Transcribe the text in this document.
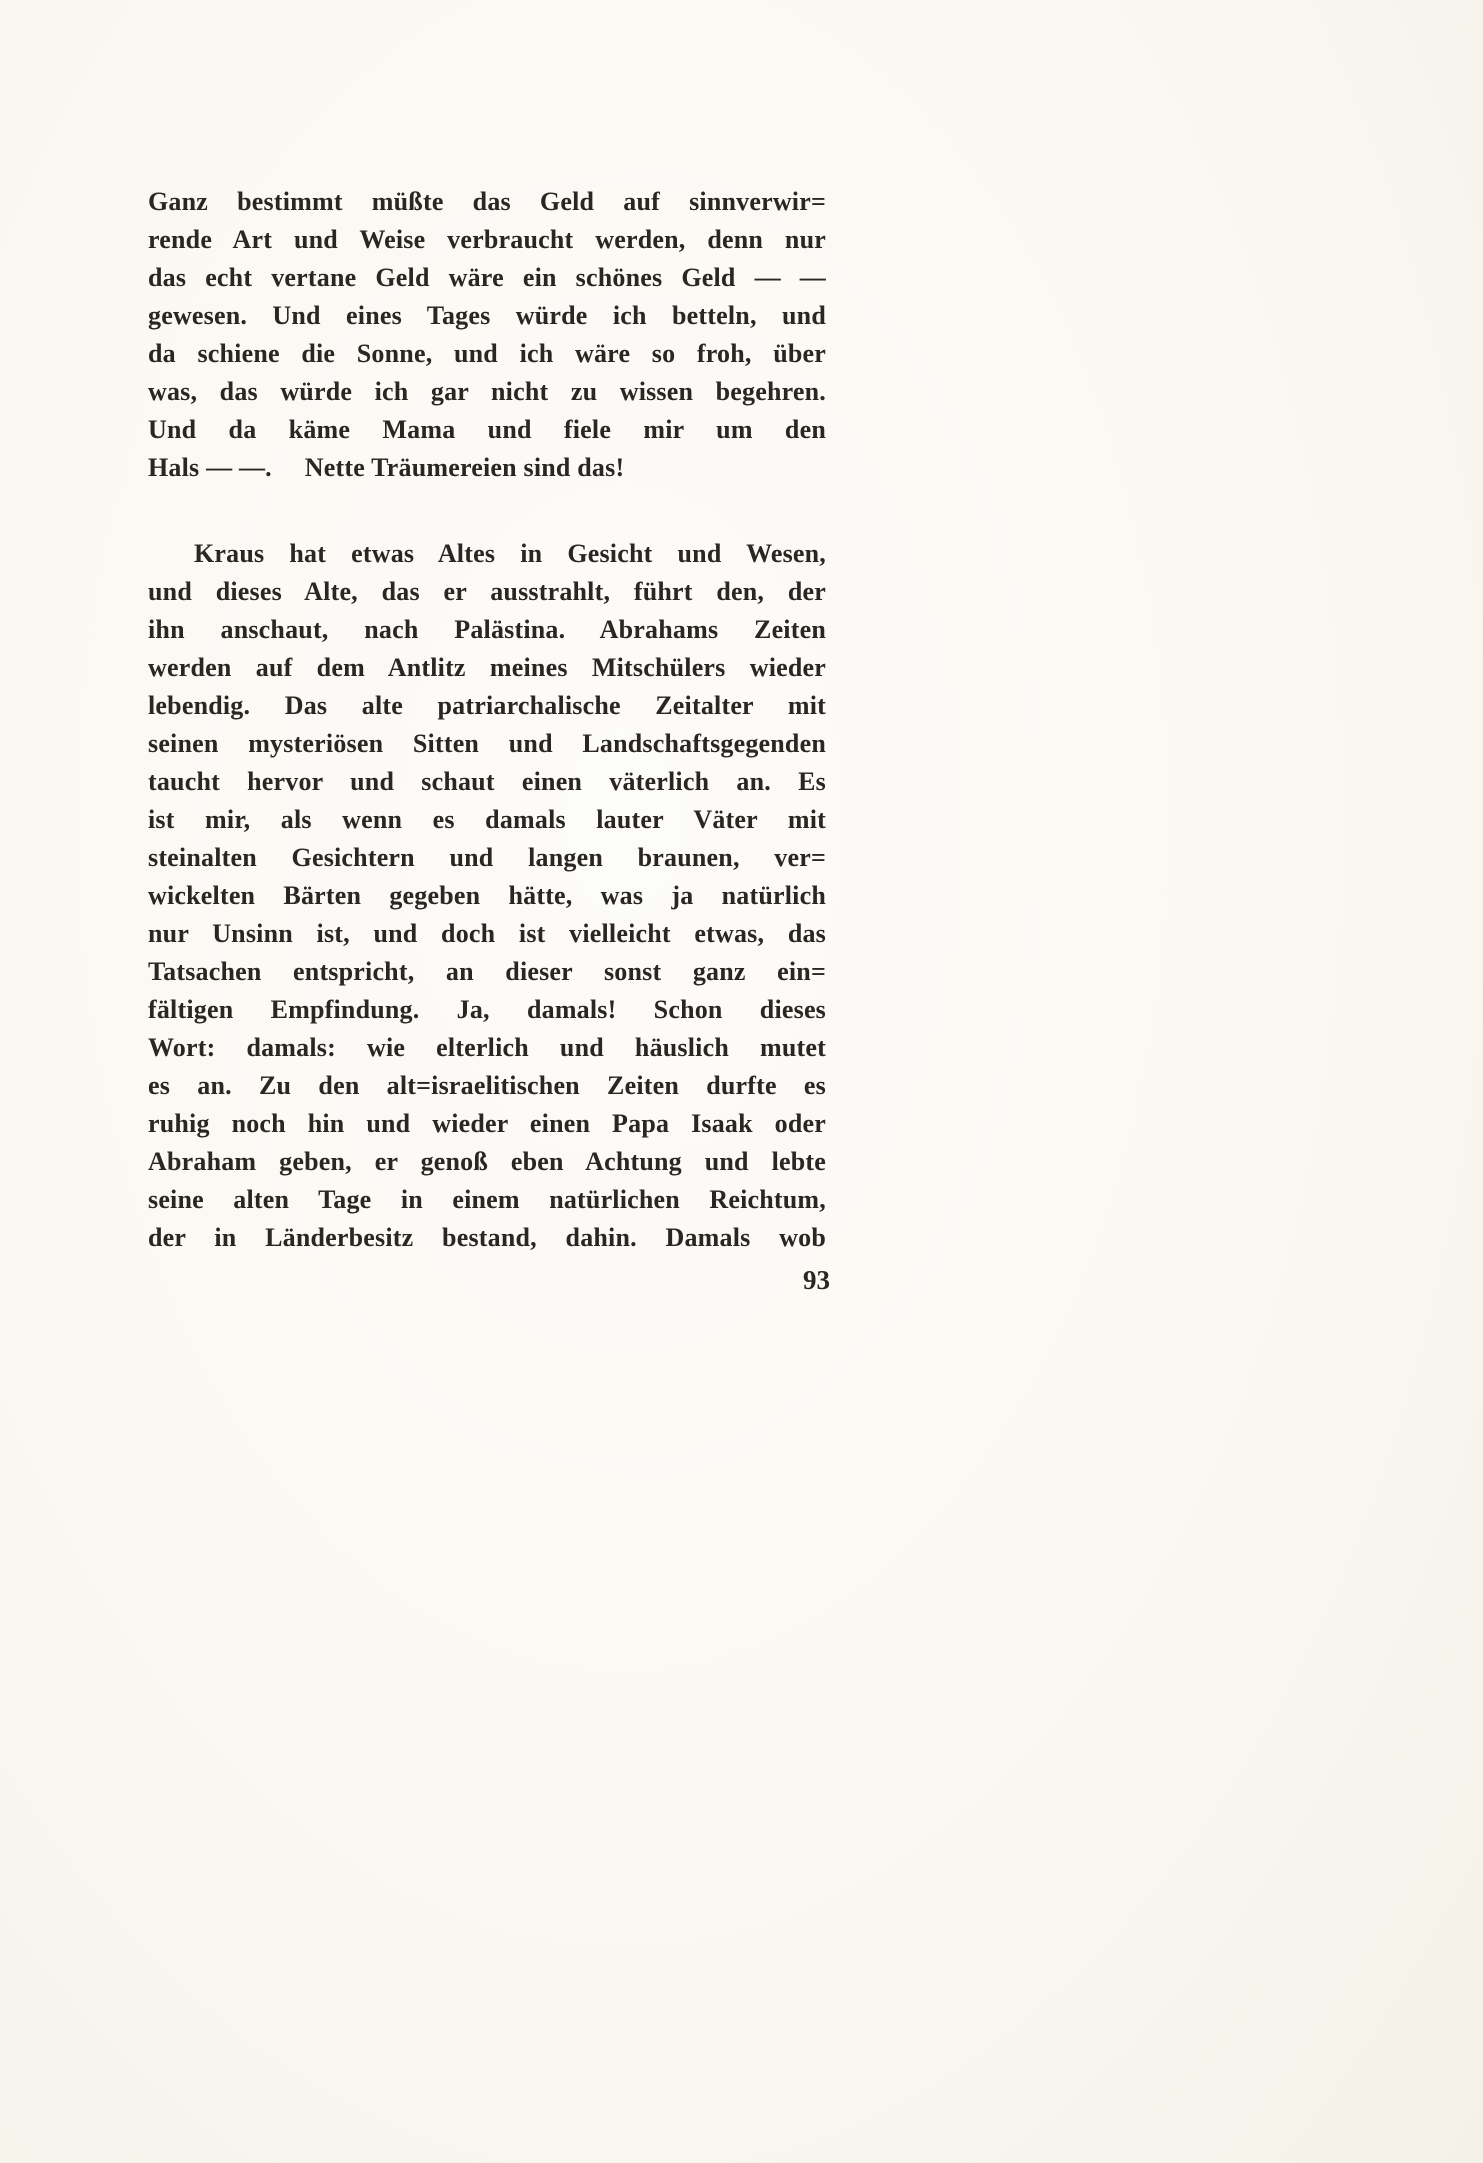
Ganz bestimmt müßte das Geld auf sinnverwir=
rende Art und Weise verbraucht werden, denn nur
das echt vertane Geld wäre ein schönes Geld — —
gewesen. Und eines Tages würde ich betteln, und
da schiene die Sonne, und ich wäre so froh, über
was, das würde ich gar nicht zu wissen begehren.
Und da käme Mama und fiele mir um den
Hals — —.  Nette Träumereien sind das!
Kraus hat etwas Altes in Gesicht und Wesen,
und dieses Alte, das er ausstrahlt, führt den, der
ihn anschaut, nach Palästina. Abrahams Zeiten
werden auf dem Antlitz meines Mitschülers wieder
lebendig. Das alte patriarchalische Zeitalter mit
seinen mysteriösen Sitten und Landschaftsgegenden
taucht hervor und schaut einen väterlich an. Es
ist mir, als wenn es damals lauter Väter mit
steinalten Gesichtern und langen braunen, ver=
wickelten Bärten gegeben hätte, was ja natürlich
nur Unsinn ist, und doch ist vielleicht etwas, das
Tatsachen entspricht, an dieser sonst ganz ein=
fältigen Empfindung. Ja, damals! Schon dieses
Wort: damals: wie elterlich und häuslich mutet
es an. Zu den alt=israelitischen Zeiten durfte es
ruhig noch hin und wieder einen Papa Isaak oder
Abraham geben, er genoß eben Achtung und lebte
seine alten Tage in einem natürlichen Reichtum,
der in Länderbesitz bestand, dahin. Damals wob
93
